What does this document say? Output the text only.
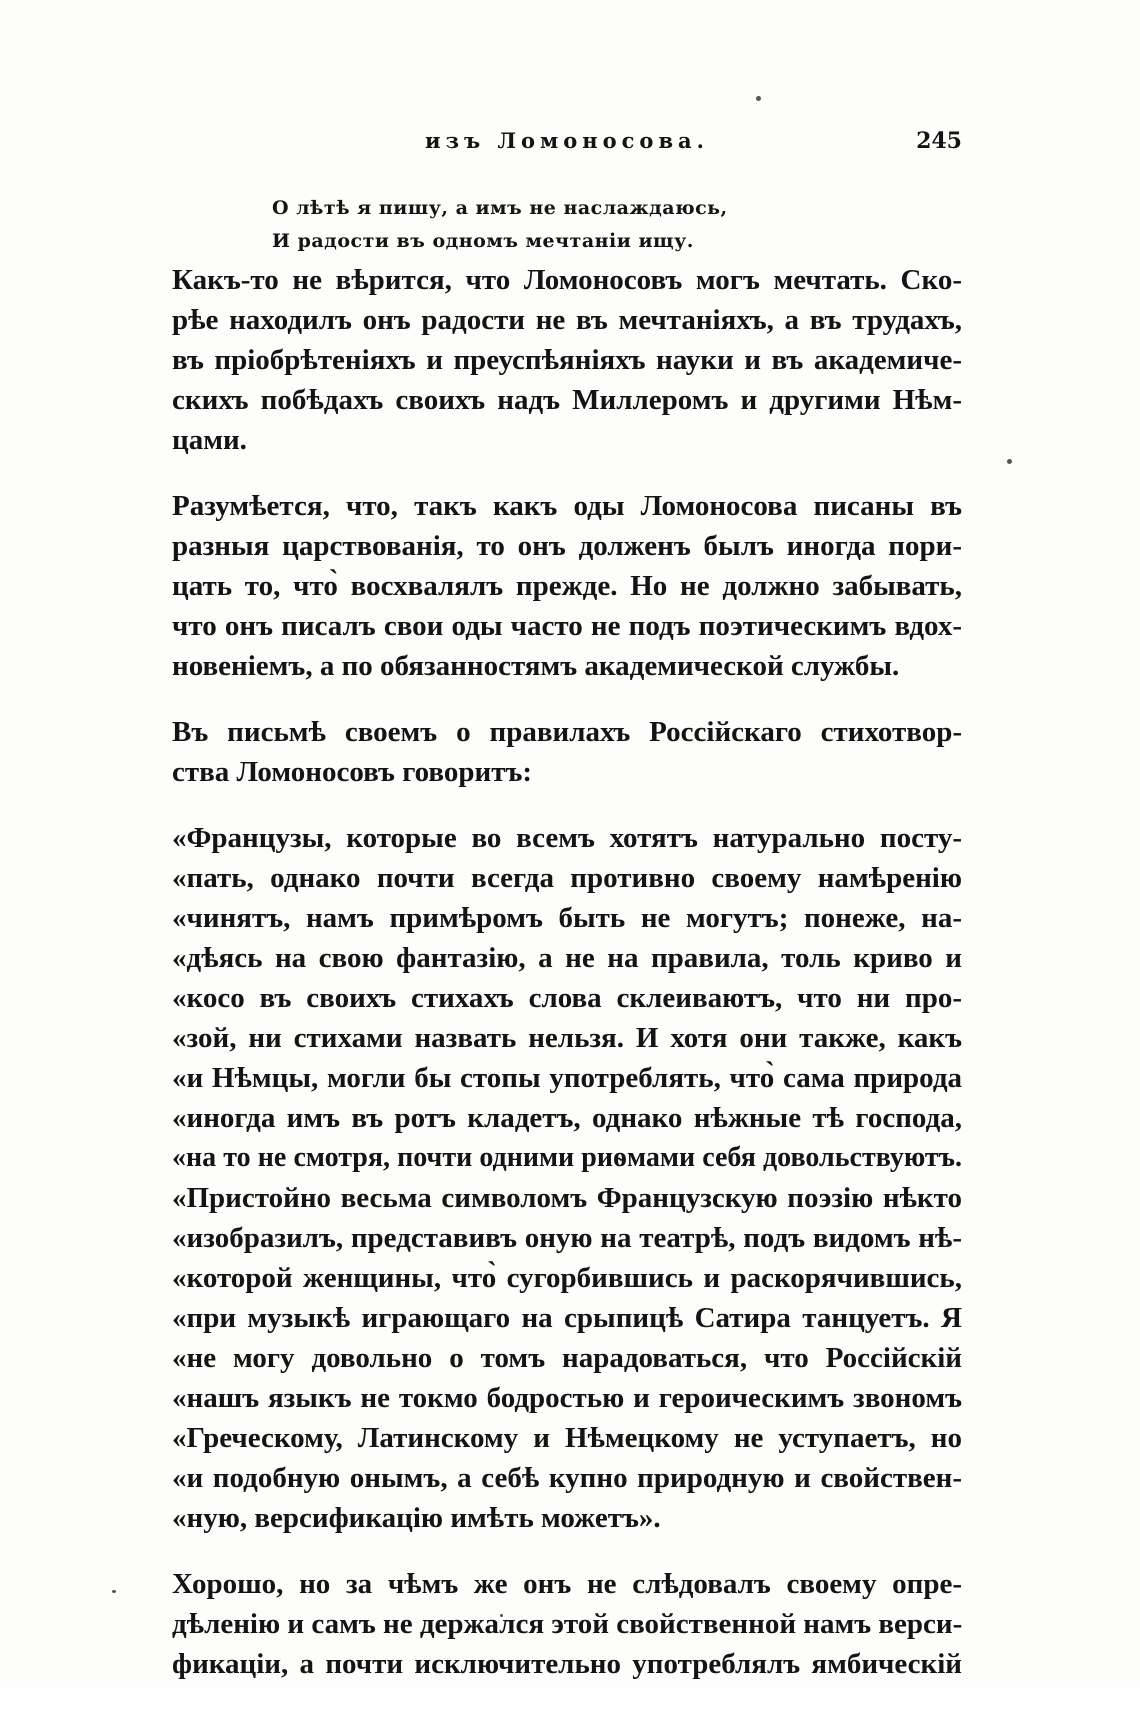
изъ Ломоносова.	245
О лѣтѣ я пишу, а имъ не наслаждаюсь,
И радости въ одномъ мечтаніи ищу.
Какъ-то не вѣрится, что Ломоносовъ могъ мечтать. Ско-
рѣе находилъ онъ радости не въ мечтаніяхъ, а въ трудахъ,
въ пріобрѣтеніяхъ и преуспѣяніяхъ науки и въ академиче-
скихъ побѣдахъ своихъ надъ Миллеромъ и другими Нѣм-
цами.
Разумѣется, что, такъ какъ оды Ломоносова писаны въ
разныя царствованія, то онъ долженъ былъ иногда пори-
цать то, что̀ восхвалялъ прежде. Но не должно забывать,
что онъ писалъ свои оды часто не подъ поэтическимъ вдох-
новеніемъ, а по обязанностямъ академической службы.
Въ письмѣ своемъ о правилахъ Россійскаго стихотвор-
ства Ломоносовъ говоритъ:
«Французы, которые во всемъ хотятъ натурально посту-
«пать, однако почти всегда противно своему намѣренію
«чинятъ, намъ примѣромъ быть не могутъ; понеже, на-
«дѣясь на свою фантазію, а не на правила, толь криво и
«косо въ своихъ стихахъ слова склеиваютъ, что ни про-
«зой, ни стихами назвать нельзя. И хотя они также, какъ
«и Нѣмцы, могли бы стопы употреблять, что̀ сама природа
«иногда имъ въ ротъ кладетъ, однако нѣжные тѣ господа,
«на то не смотря, почти одними риѳмами себя довольствуютъ.
«Пристойно весьма символомъ Французскую поэзію нѣкто
«изобразилъ, представивъ оную на театрѣ, подъ видомъ нѣ-
«которой женщины, что̀ сугорбившись и раскорячившись,
«при музыкѣ играющаго на срыпицѣ Сатира танцуетъ. Я
«не могу довольно о томъ нарадоваться, что Россійскій
«нашъ языкъ не токмо бодростью и героическимъ звономъ
«Греческому, Латинскому и Нѣмецкому не уступаетъ, но
«и подобную онымъ, а себѣ купно природную и свойствен-
«ную, версификацію имѣть можетъ».
Хорошо, но за чѣмъ же онъ не слѣдовалъ своему опре-
дѣленію и самъ не держался этой свойственной намъ верси-
фикаціи, а почти исключительно употреблялъ ямбическій
